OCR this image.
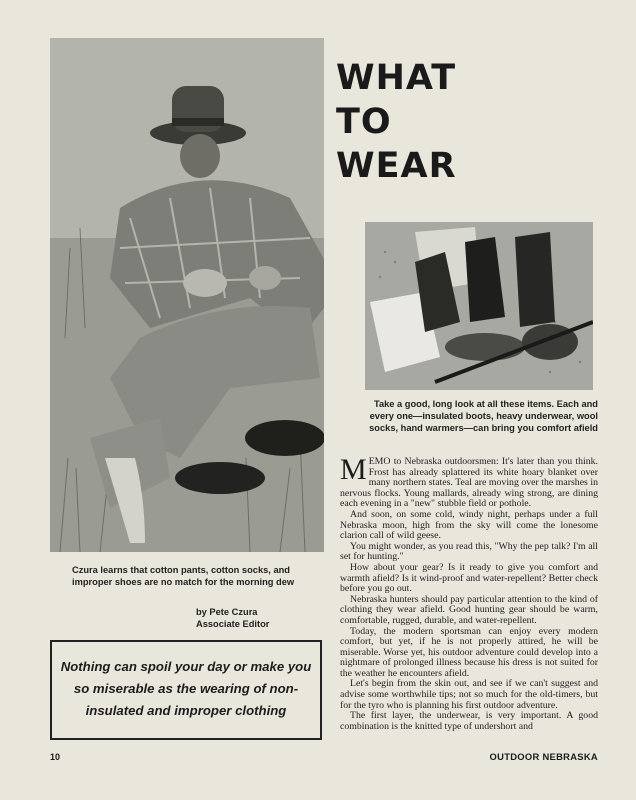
Czura learns that cotton pants, cotton socks, and improper shoes are no match for the morning dew
by Pete Czura
Associate Editor
Nothing can spoil your day or make you so miserable as the wearing of non-insulated and improper clothing
WHAT
TO
WEAR
Take a good, long look at all these items. Each and every one—insulated boots, heavy underwear, wool socks, hand warmers—can bring you comfort afield

MEMO to Nebraska outdoorsmen: It's later than you think. Frost has already splattered its white hoary blanket over many northern states. Teal are moving over the marshes in nervous flocks. Young mallards, already wing strong, are dining each evening in a "new" stubble field or pothole.

And soon, on some cold, windy night, perhaps under a full Nebraska moon, high from the sky will come the lonesome clarion call of wild geese.

You might wonder, as you read this, "Why the pep talk? I'm all set for hunting."

How about your gear? Is it ready to give you comfort and warmth afield? Is it wind-proof and water-repellent? Better check before you go out.

Nebraska hunters should pay particular attention to the kind of clothing they wear afield. Good hunting gear should be warm, comfortable, rugged, durable, and water-repellent.

Today, the modern sportsman can enjoy every modern comfort, but yet, if he is not properly attired, he will be miserable. Worse yet, his outdoor adventure could develop into a nightmare of prolonged illness because his dress is not suited for the weather he encounters afield.

Let's begin from the skin out, and see if we can't suggest and advise some worthwhile tips; not so much for the old-timers, but for the tyro who is planning his first outdoor adventure.

The first layer, the underwear, is very important. A good combination is the knitted type of undershort and

10	OUTDOOR NEBRASKA
